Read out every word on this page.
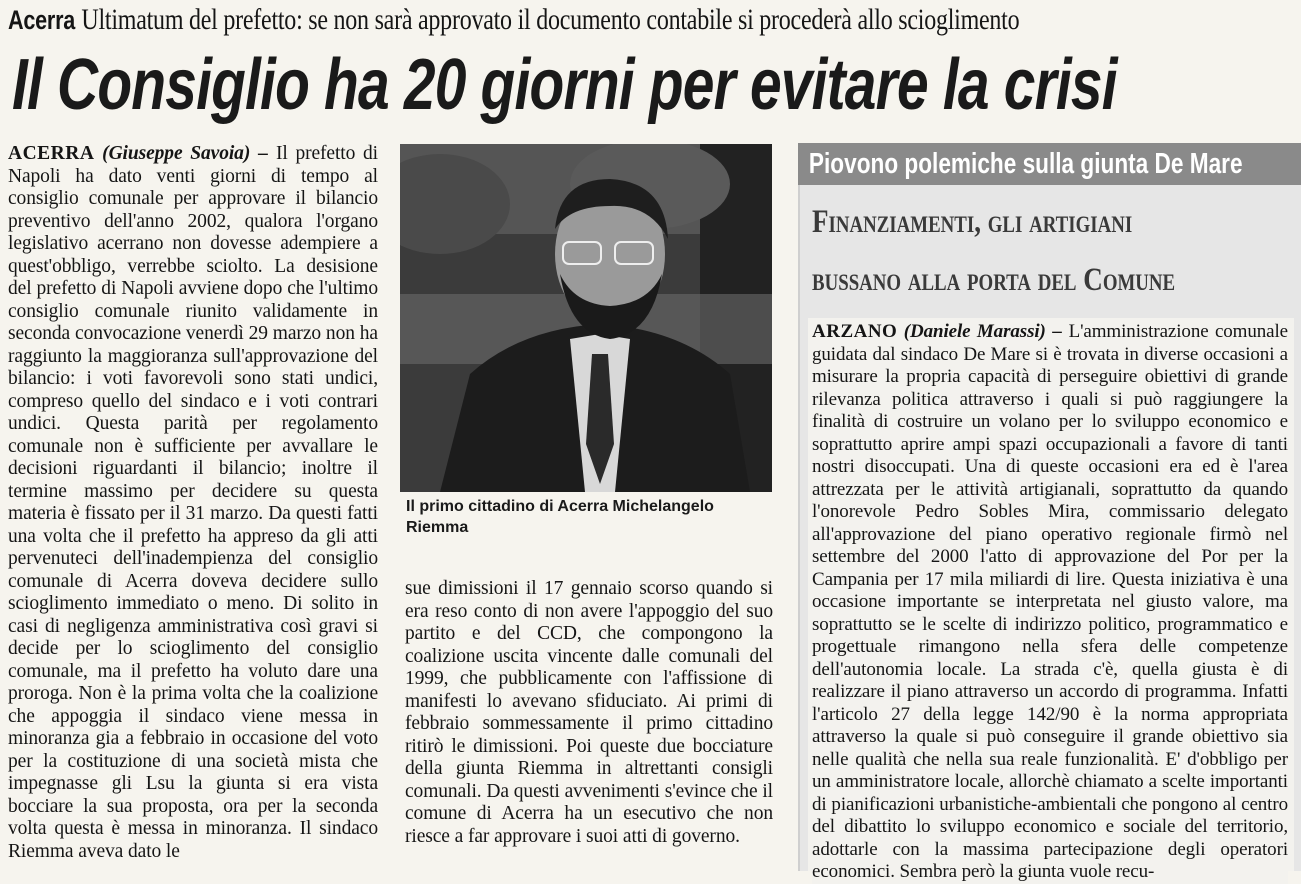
Acerra Ultimatum del prefetto: se non sarà approvato il documento contabile si procederà allo scioglimento
Il Consiglio ha 20 giorni per evitare la crisi
ACERRA (Giuseppe Savoia) – Il prefetto di Napoli ha dato venti giorni di tempo al consiglio comunale per approvare il bilancio preventivo dell'anno 2002, qualora l'organo legislativo acerrano non dovesse adempiere a quest'obbligo, verrebbe sciolto. La desisione del prefetto di Napoli avviene dopo che l'ultimo consiglio comunale riunito validamente in seconda convocazione venerdì 29 marzo non ha raggiunto la maggioranza sull'approvazione del bilancio: i voti favorevoli sono stati undici, compreso quello del sindaco e i voti contrari undici. Questa parità per regolamento comunale non è sufficiente per avvallare le decisioni riguardanti il bilancio; inoltre il termine massimo per decidere su questa materia è fissato per il 31 marzo. Da questi fatti una volta che il prefetto ha appreso da gli atti pervenuteci dell'inadempienza del consiglio comunale di Acerra doveva decidere sullo scioglimento immediato o meno. Di solito in casi di negligenza amministrativa così gravi si decide per lo scioglimento del consiglio comunale, ma il prefetto ha voluto dare una proroga. Non è la prima volta che la coalizione che appoggia il sindaco viene messa in minoranza gia a febbraio in occasione del voto per la costituzione di una società mista che impegnasse gli Lsu la giunta si era vista bocciare la sua proposta, ora per la seconda volta questa è messa in minoranza. Il sindaco Riemma aveva dato le
Il primo cittadino di Acerra Michelangelo Riemma
sue dimissioni il 17 gennaio scorso quando si era reso conto di non avere l'appoggio del suo partito e del CCD, che compongono la coalizione uscita vincente dalle comunali del 1999, che pubblicamente con l'affissione di manifesti lo avevano sfiduciato. Ai primi di febbraio sommessamente il primo cittadino ritirò le dimissioni. Poi queste due bocciature della giunta Riemma in altrettanti consigli comunali. Da questi avvenimenti s'evince che il comune di Acerra ha un esecutivo che non riesce a far approvare i suoi atti di governo.
Piovono polemiche sulla giunta De Mare
Finanziamenti, gli artigiani
bussano alla porta del Comune
ARZANO (Daniele Marassi) – L'amministrazione comunale guidata dal sindaco De Mare si è trovata in diverse occasioni a misurare la propria capacità di perseguire obiettivi di grande rilevanza politica attraverso i quali si può raggiungere la finalità di costruire un volano per lo sviluppo economico e soprattutto aprire ampi spazi occupazionali a favore di tanti nostri disoccupati. Una di queste occasioni era ed è l'area attrezzata per le attività artigianali, soprattutto da quando l'onorevole Pedro Sobles Mira, commissario delegato all'approvazione del piano operativo regionale firmò nel settembre del 2000 l'atto di approvazione del Por per la Campania per 17 mila miliardi di lire. Questa iniziativa è una occasione importante se interpretata nel giusto valore, ma soprattutto se le scelte di indirizzo politico, programmatico e progettuale rimangono nella sfera delle competenze dell'autonomia locale. La strada c'è, quella giusta è di realizzare il piano attraverso un accordo di programma. Infatti l'articolo 27 della legge 142/90 è la norma appropriata attraverso la quale si può conseguire il grande obiettivo sia nelle qualità che nella sua reale funzionalità. E' d'obbligo per un amministratore locale, allorchè chiamato a scelte importanti di pianificazioni urbanistiche-ambientali che pongono al centro del dibattito lo sviluppo economico e sociale del territorio, adottarle con la massima partecipazione degli operatori economici. Sembra però la giunta vuole recu-
